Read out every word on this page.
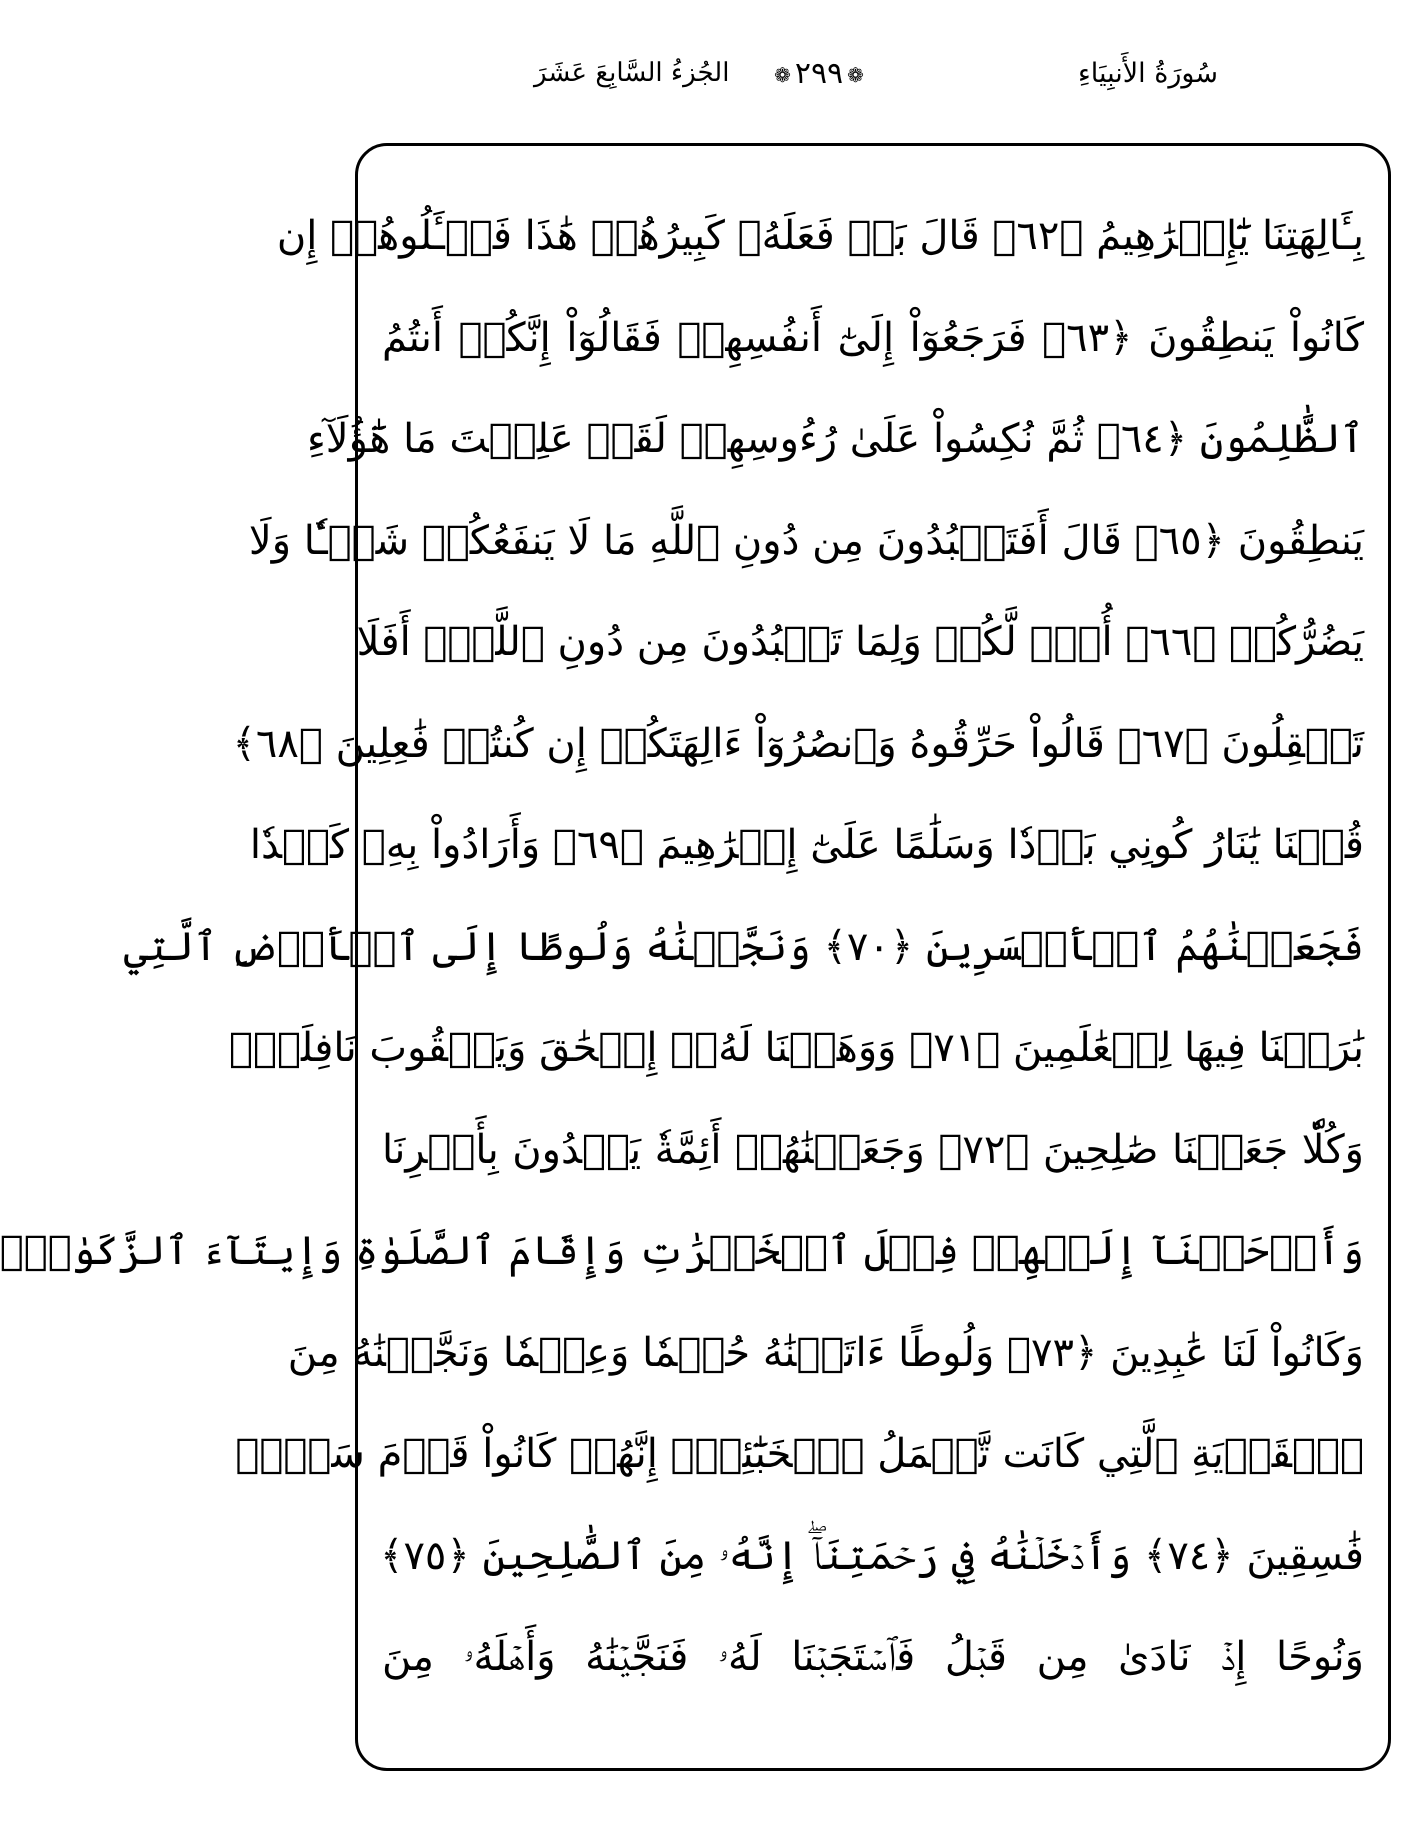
سُورَةُ الأَنبِيَاءِ
❁٢٩٩❁
الجُزءُ السَّابِعَ عَشَرَ
بِـَٔالِهَتِنَا يَٰٓإِبۡرَٰهِيمُ ﴿٦٢﴾ قَالَ بَلۡ فَعَلَهُۥ كَبِيرُهُمۡ هَٰذَا فَسۡـَٔلُوهُمۡ إِن
كَانُواْ يَنطِقُونَ ﴿٦٣﴾ فَرَجَعُوٓاْ إِلَىٰٓ أَنفُسِهِمۡ فَقَالُوٓاْ إِنَّكُمۡ أَنتُمُ
ٱلظَّٰلِمُونَ ﴿٦٤﴾ ثُمَّ نُكِسُواْ عَلَىٰ رُءُوسِهِمۡ لَقَدۡ عَلِمۡتَ مَا هَٰٓؤُلَآءِ
يَنطِقُونَ ﴿٦٥﴾ قَالَ أَفَتَعۡبُدُونَ مِن دُونِ ٱللَّهِ مَا لَا يَنفَعُكُمۡ شَيۡـٔٗا وَلَا
يَضُرُّكُمۡ ﴿٦٦﴾ أُفّٖ لَّكُمۡ وَلِمَا تَعۡبُدُونَ مِن دُونِ ٱللَّهِۖ أَفَلَا
تَعۡقِلُونَ ﴿٦٧﴾ قَالُواْ حَرِّقُوهُ وَٱنصُرُوٓاْ ءَالِهَتَكُمۡ إِن كُنتُمۡ فَٰعِلِينَ ﴿٦٨﴾
قُلۡنَا يَٰنَارُ كُونِي بَرۡدٗا وَسَلَٰمًا عَلَىٰٓ إِبۡرَٰهِيمَ ﴿٦٩﴾ وَأَرَادُواْ بِهِۦ كَيۡدٗا
فَجَعَلۡنَٰهُمُ ٱلۡأَخۡسَرِينَ ﴿٧٠﴾ وَنَجَّيۡنَٰهُ وَلُوطًا إِلَى ٱلۡأَرۡضِ ٱلَّتِي
بَٰرَكۡنَا فِيهَا لِلۡعَٰلَمِينَ ﴿٧١﴾ وَوَهَبۡنَا لَهُۥٓ إِسۡحَٰقَ وَيَعۡقُوبَ نَافِلَةٗۖ
وَكُلّٗا جَعَلۡنَا صَٰلِحِينَ ﴿٧٢﴾ وَجَعَلۡنَٰهُمۡ أَئِمَّةٗ يَهۡدُونَ بِأَمۡرِنَا
وَأَوۡحَيۡنَآ إِلَيۡهِمۡ فِعۡلَ ٱلۡخَيۡرَٰتِ وَإِقَامَ ٱلصَّلَوٰةِ وَإِيتَآءَ ٱلزَّكَوٰةِۖ
وَكَانُواْ لَنَا عَٰبِدِينَ ﴿٧٣﴾ وَلُوطًا ءَاتَيۡنَٰهُ حُكۡمٗا وَعِلۡمٗا وَنَجَّيۡنَٰهُ مِنَ
ٱلۡقَرۡيَةِ ٱلَّتِي كَانَت تَّعۡمَلُ ٱلۡخَبَٰٓئِثَۚ إِنَّهُمۡ كَانُواْ قَوۡمَ سَوۡءٖ
فَٰسِقِينَ ﴿٧٤﴾ وَأَدۡخَلۡنَٰهُ فِي رَحۡمَتِنَآۖ إِنَّهُۥ مِنَ ٱلصَّٰلِحِينَ ﴿٧٥﴾
وَنُوحًا إِذۡ نَادَىٰ مِن قَبۡلُ فَٱسۡتَجَبۡنَا لَهُۥ فَنَجَّيۡنَٰهُ وَأَهۡلَهُۥ مِنَ
